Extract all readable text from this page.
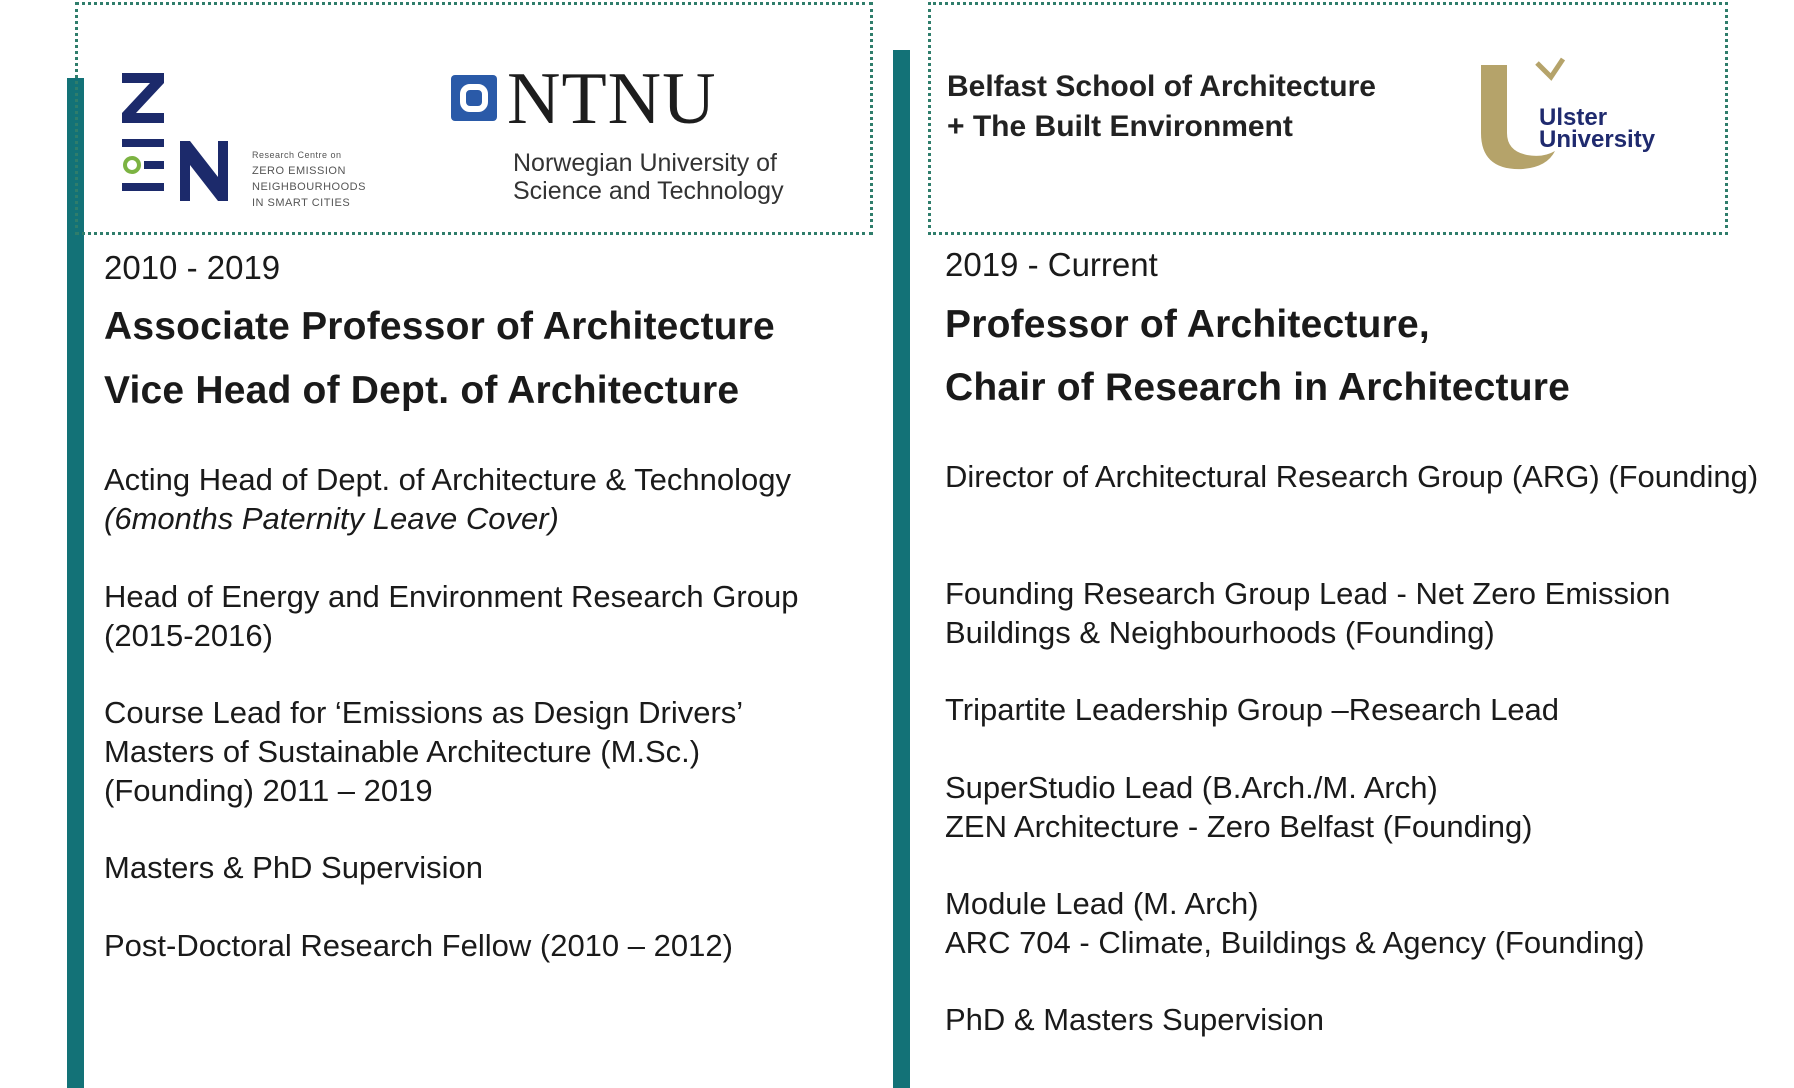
Research Centre on
ZERO EMISSION
NEIGHBOURHOODS
IN SMART CITIES
NTNU
Norwegian University of
Science and Technology
Belfast School of Architecture
+ The Built Environment	Ulster
University
2010 - 2019
Associate Professor of Architecture
Vice Head of Dept. of Architecture
Acting Head of Dept. of Architecture & Technology
(6months Paternity Leave Cover)
Head of Energy and Environment Research Group
(2015-2016)
Course Lead for ‘Emissions as Design Drivers’
Masters of Sustainable Architecture (M.Sc.)
(Founding) 2011 – 2019
Masters & PhD Supervision
Post-Doctoral Research Fellow (2010 – 2012)
2019 - Current
Professor of Architecture,
Chair of Research in Architecture
Director of Architectural Research Group (ARG) (Founding)
Founding Research Group Lead - Net Zero Emission
Buildings & Neighbourhoods (Founding)
Tripartite Leadership Group –Research Lead
SuperStudio Lead (B.Arch./M. Arch)
ZEN Architecture - Zero Belfast (Founding)
Module Lead (M. Arch)
ARC 704 - Climate, Buildings & Agency (Founding)
PhD & Masters Supervision
